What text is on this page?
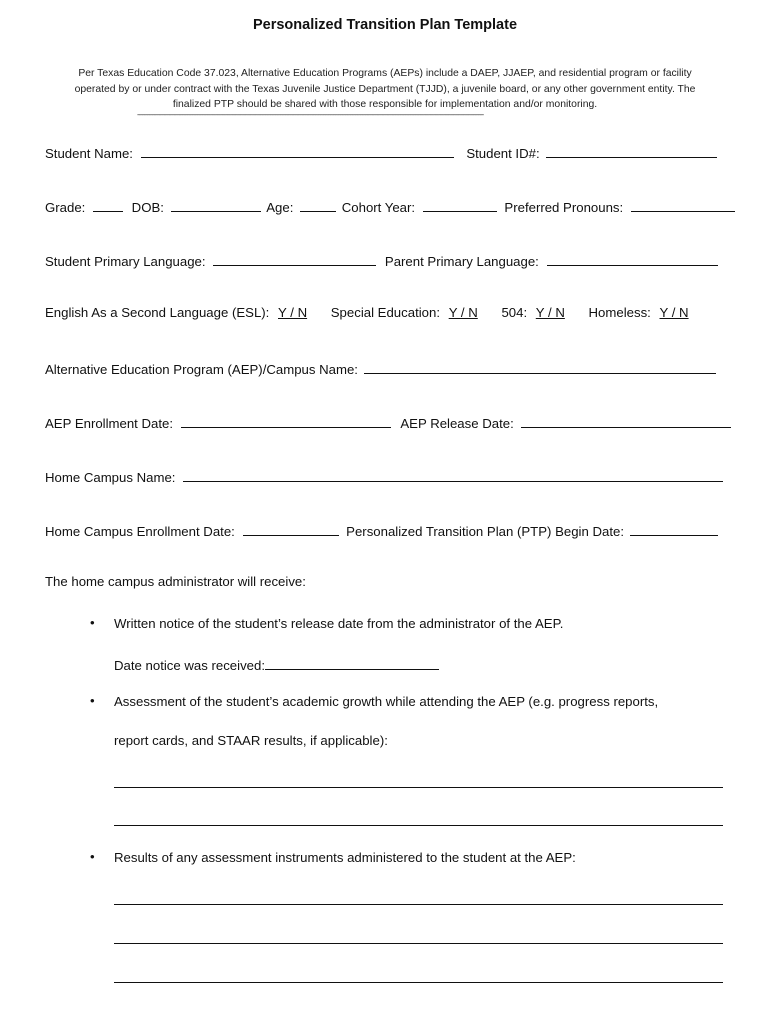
Personalized Transition Plan Template
Per Texas Education Code 37.023, Alternative Education Programs (AEPs) include a DAEP, JJAEP, and residential program or facility operated by or under contract with the Texas Juvenile Justice Department (TJJD), a juvenile board, or any other government entity. The finalized PTP should be shared with those responsible for implementation and/or monitoring.
----------------------------------------------------------------------------------------------------------------------------------------------------------------------------------------------------------------
Student Name:	Student ID#:
Grade:	DOB:	Age:	Cohort Year:	Preferred Pronouns:
Student Primary Language:	Parent Primary Language:
English As a Second Language (ESL): Y / N Special Education: Y / N 504: Y / N Homeless: Y / N
Alternative Education Program (AEP)/Campus Name:
AEP Enrollment Date:	AEP Release Date:
Home Campus Name:
Home Campus Enrollment Date:	Personalized Transition Plan (PTP) Begin Date:
The home campus administrator will receive:
• Written notice of the student’s release date from the administrator of the AEP.
Date notice was received:
• Assessment of the student’s academic growth while attending the AEP (e.g. progress reports,
report cards, and STAAR results, if applicable):
• Results of any assessment instruments administered to the student at the AEP:
